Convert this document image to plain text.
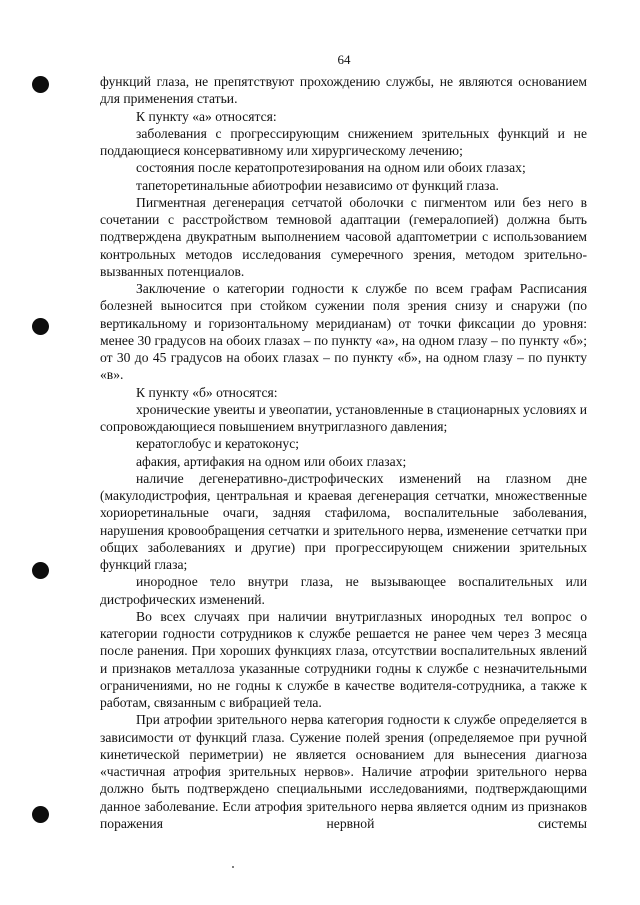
64

функций глаза, не препятствуют прохождению службы, не являются основанием для применения статьи.

К пункту «а» относятся:

заболевания с прогрессирующим снижением зрительных функций и не поддающиеся консервативному или хирургическому лечению;

состояния после кератопротезирования на одном или обоих глазах;

тапеторетинальные абиотрофии независимо от функций глаза.

Пигментная дегенерация сетчатой оболочки с пигментом или без него в сочетании с расстройством темновой адаптации (гемералопией) должна быть подтверждена двукратным выполнением часовой адаптометрии с использованием контрольных методов исследования сумеречного зрения, методом зрительно-вызванных потенциалов.

Заключение о категории годности к службе по всем графам Расписания болезней выносится при стойком сужении поля зрения снизу и снаружи (по вертикальному и горизонтальному меридианам) от точки фиксации до уровня: менее 30 градусов на обоих глазах – по пункту «а», на одном глазу – по пункту «б»; от 30 до 45 градусов на обоих глазах – по пункту «б», на одном глазу – по пункту «в».

К пункту «б» относятся:

хронические увеиты и увеопатии, установленные в стационарных условиях и сопровождающиеся повышением внутриглазного давления;

кератоглобус и кератоконус;

афакия, артифакия на одном или обоих глазах;

наличие дегенеративно-дистрофических изменений на глазном дне (макулодистрофия, центральная и краевая дегенерация сетчатки, множественные хориоретинальные очаги, задняя стафилома, воспалительные заболевания, нарушения кровообращения сетчатки и зрительного нерва, изменение сетчатки при общих заболеваниях и другие) при прогрессирующем снижении зрительных функций глаза;

инородное тело внутри глаза, не вызывающее воспалительных или дистрофических изменений.

Во всех случаях при наличии внутриглазных инородных тел вопрос о категории годности сотрудников к службе решается не ранее чем через 3 месяца после ранения. При хороших функциях глаза, отсутствии воспалительных явлений и признаков металлоза указанные сотрудники годны к службе с незначительными ограничениями, но не годны к службе в качестве водителя-сотрудника, а также к работам, связанным с вибрацией тела.

При атрофии зрительного нерва категория годности к службе определяется в зависимости от функций глаза. Сужение полей зрения (определяемое при ручной кинетической периметрии) не является основанием для вынесения диагноза «частичная атрофия зрительных нервов». Наличие атрофии зрительного нерва должно быть подтверждено специальными исследованиями, подтверждающими данное заболевание. Если атрофия зрительного нерва является одним из признаков поражения нервной системы
